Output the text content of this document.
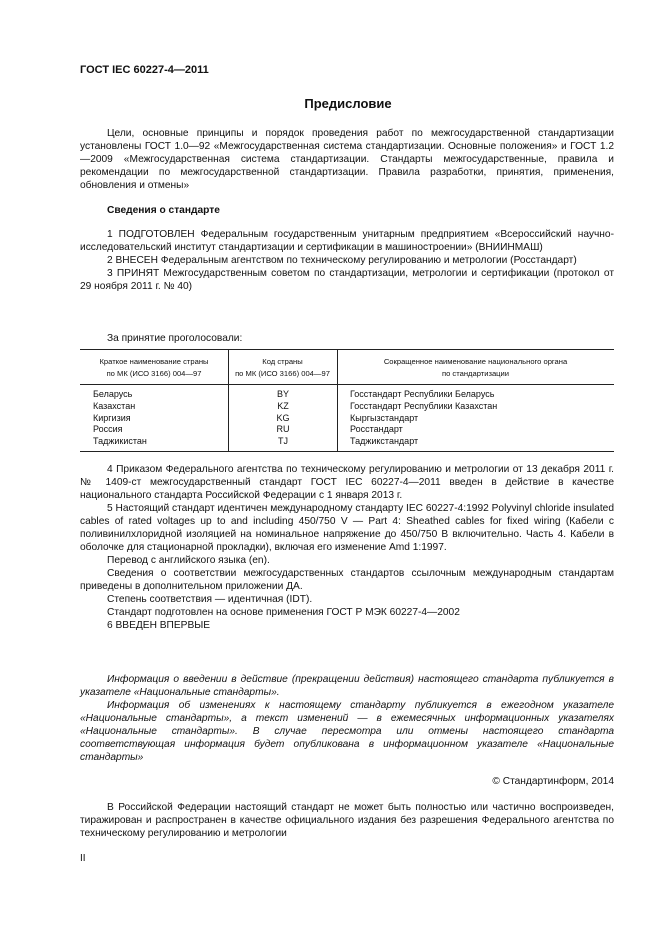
ГОСТ IEC 60227-4—2011
Предисловие

Цели, основные принципы и порядок проведения работ по межгосударственной стандартизации установлены ГОСТ 1.0—92 «Межгосударственная система стандартизации. Основные положения» и ГОСТ 1.2—2009 «Межгосударственная система стандартизации. Стандарты межгосударственные, правила и рекомендации по межгосударственной стандартизации. Правила разработки, принятия, применения, обновления и отмены»

Сведения о стандарте

1 ПОДГОТОВЛЕН Федеральным государственным унитарным предприятием «Всероссийский научно-исследовательский институт стандартизации и сертификации в машиностроении» (ВНИИНМАШ)

2 ВНЕСЕН Федеральным агентством по техническому регулированию и метрологии (Росстандарт)

3 ПРИНЯТ Межгосударственным советом по стандартизации, метрологии и сертификации (протокол от 29 ноября 2011 г. № 40)

За принятие проголосовали:
Краткое наименование страны
по МК (ИСО 3166) 004—97
Код страны
по МК (ИСО 3166) 004—97
Сокращенное наименование национального органа
по стандартизации
Беларусь
Казахстан
Киргизия
Россия
Таджикистан
BY
KZ
KG
RU
TJ
Госстандарт Республики Беларусь
Госстандарт Республики Казахстан
Кыргызстандарт
Росстандарт
Таджикстандарт

4 Приказом Федерального агентства по техническому регулированию и метрологии от 13 декабря 2011 г. № 1409-ст межгосударственный стандарт ГОСТ IEC 60227-4—2011 введен в действие в качестве национального стандарта Российской Федерации с 1 января 2013 г.

5 Настоящий стандарт идентичен международному стандарту IEC 60227-4:1992 Polyvinyl chloride insulated cables of rated voltages up to and including 450/750 V — Part 4: Sheathed cables for fixed wiring (Кабели с поливинилхлоридной изоляцией на номинальное напряжение до 450/750 В включительно. Часть 4. Кабели в оболочке для стационарной прокладки), включая его изменение Amd 1:1997.

Перевод с английского языка (en).

Сведения о соответствии межгосударственных стандартов ссылочным международным стандартам приведены в дополнительном приложении ДА.

Степень соответствия — идентичная (IDT).

Стандарт подготовлен на основе применения ГОСТ Р МЭК 60227-4—2002

6 ВВЕДЕН ВПЕРВЫЕ

Информация о введении в действие (прекращении действия) настоящего стандарта публикуется в указателе «Национальные стандарты».

Информация об изменениях к настоящему стандарту публикуется в ежегодном указателе «Национальные стандарты», а текст изменений — в ежемесячных информационных указателях «Национальные стандарты». В случае пересмотра или отмены настоящего стандарта соответствующая информация будет опубликована в информационном указателе «Национальные стандарты»

© Стандартинформ, 2014

В Российской Федерации настоящий стандарт не может быть полностью или частично воспроизведен, тиражирован и распространен в качестве официального издания без разрешения Федерального агентства по техническому регулированию и метрологии

II
